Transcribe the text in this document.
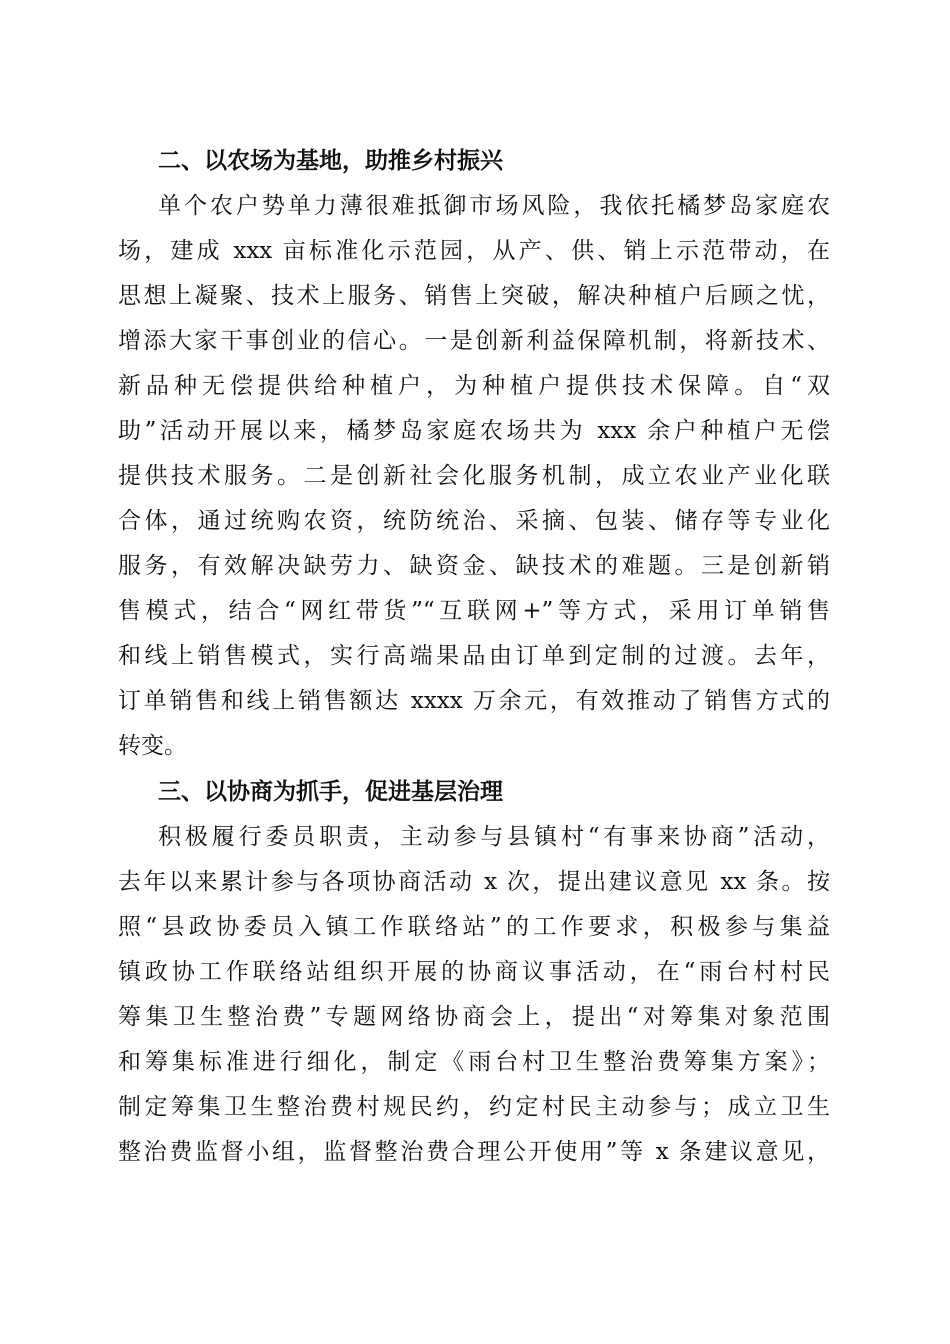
二、以农场为基地，助推乡村振兴

单个农户势单力薄很难抵御市场风险，我依托橘梦岛家庭农

场，建成 xxx 亩标准化示范园，从产、供、销上示范带动，在

思想上凝聚、技术上服务、销售上突破，解决种植户后顾之忧，

增添大家干事创业的信心。一是创新利益保障机制，将新技术、

新品种无偿提供给种植户，为种植户提供技术保障。自“双

助”活动开展以来，橘梦岛家庭农场共为 xxx 余户种植户无偿

提供技术服务。二是创新社会化服务机制，成立农业产业化联

合体，通过统购农资，统防统治、采摘、包装、储存等专业化

服务，有效解决缺劳力、缺资金、缺技术的难题。三是创新销

售模式，结合“网红带货”“互联网+”等方式，采用订单销售

和线上销售模式，实行高端果品由订单到定制的过渡。去年，

订单销售和线上销售额达 xxxx 万余元，有效推动了销售方式的

转变。

三、以协商为抓手，促进基层治理

积极履行委员职责，主动参与县镇村“有事来协商”活动，

去年以来累计参与各项协商活动 x 次，提出建议意见 xx 条。按

照“县政协委员入镇工作联络站”的工作要求，积极参与集益

镇政协工作联络站组织开展的协商议事活动，在“雨台村村民

筹集卫生整治费”专题网络协商会上，提出“对筹集对象范围

和筹集标准进行细化，制定《雨台村卫生整治费筹集方案》；

制定筹集卫生整治费村规民约，约定村民主动参与；成立卫生

整治费监督小组，监督整治费合理公开使用”等 x 条建议意见，
